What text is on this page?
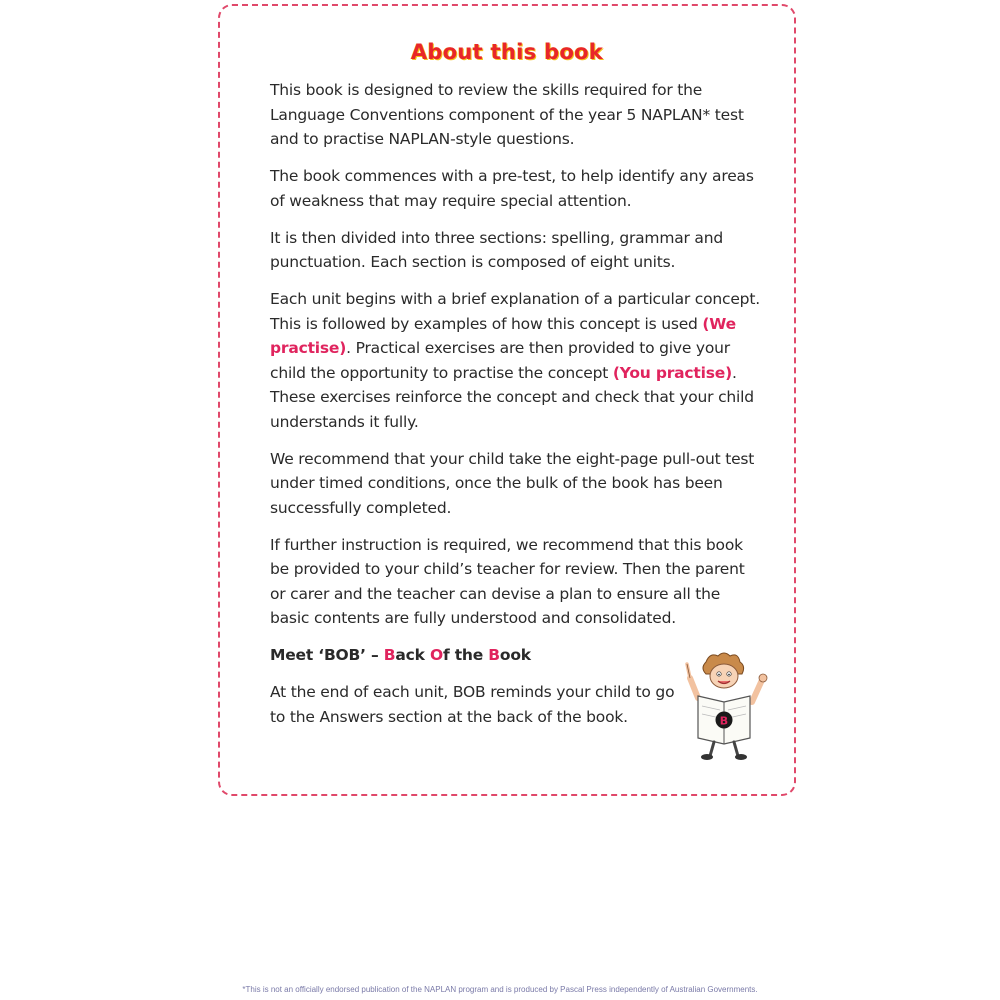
About this book

This book is designed to review the skills required for the Language Conventions component of the year 5 NAPLAN* test and to practise NAPLAN-style questions.

The book commences with a pre-test, to help identify any areas of weakness that may require special attention.

It is then divided into three sections: spelling, grammar and punctuation. Each section is composed of eight units.

Each unit begins with a brief explanation of a particular concept. This is followed by examples of how this concept is used (We practise). Practical exercises are then provided to give your child the opportunity to practise the concept (You practise). These exercises reinforce the concept and check that your child understands it fully.

We recommend that your child take the eight-page pull-out test under timed conditions, once the bulk of the book has been successfully completed.

If further instruction is required, we recommend that this book be provided to your child’s teacher for review. Then the parent or carer and the teacher can devise a plan to ensure all the basic contents are fully understood and consolidated.

Meet ‘BOB’ – Back Of the Book

At the end of each unit, BOB reminds your child to go to the Answers section at the back of the book.	B
*This is not an officially endorsed publication of the NAPLAN program and is produced by Pascal Press independently of Australian Governments.
